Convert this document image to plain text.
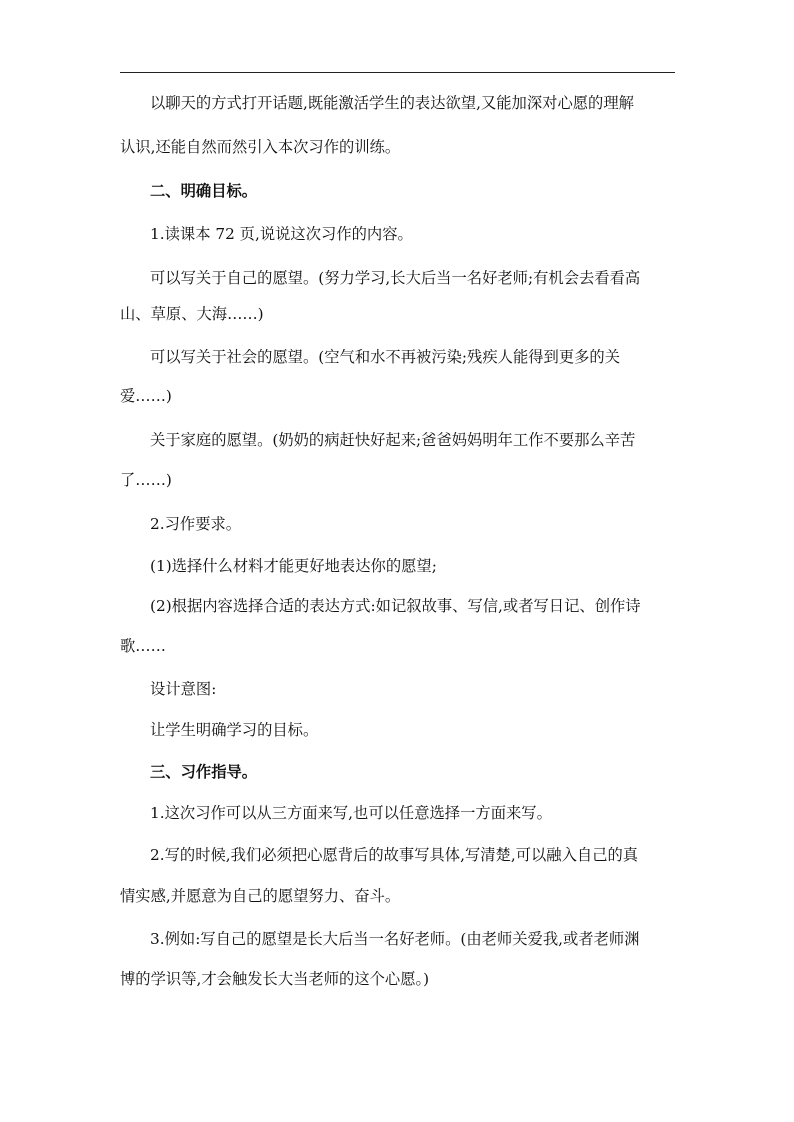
以聊天的方式打开话题,既能激活学生的表达欲望,又能加深对心愿的理解
认识,还能自然而然引入本次习作的训练。
二、明确目标。
1.读课本 72 页,说说这次习作的内容。
可以写关于自己的愿望。(努力学习,长大后当一名好老师;有机会去看看高
山、草原、大海……)
可以写关于社会的愿望。(空气和水不再被污染;残疾人能得到更多的关
爱……)
关于家庭的愿望。(奶奶的病赶快好起来;爸爸妈妈明年工作不要那么辛苦
了……)
2.习作要求。
(1)选择什么材料才能更好地表达你的愿望;
(2)根据内容选择合适的表达方式:如记叙故事、写信,或者写日记、创作诗
歌……
设计意图:
让学生明确学习的目标。
三、习作指导。
1.这次习作可以从三方面来写,也可以任意选择一方面来写。
2.写的时候,我们必须把心愿背后的故事写具体,写清楚,可以融入自己的真
情实感,并愿意为自己的愿望努力、奋斗。
3.例如:写自己的愿望是长大后当一名好老师。(由老师关爱我,或者老师渊
博的学识等,才会触发长大当老师的这个心愿。)
